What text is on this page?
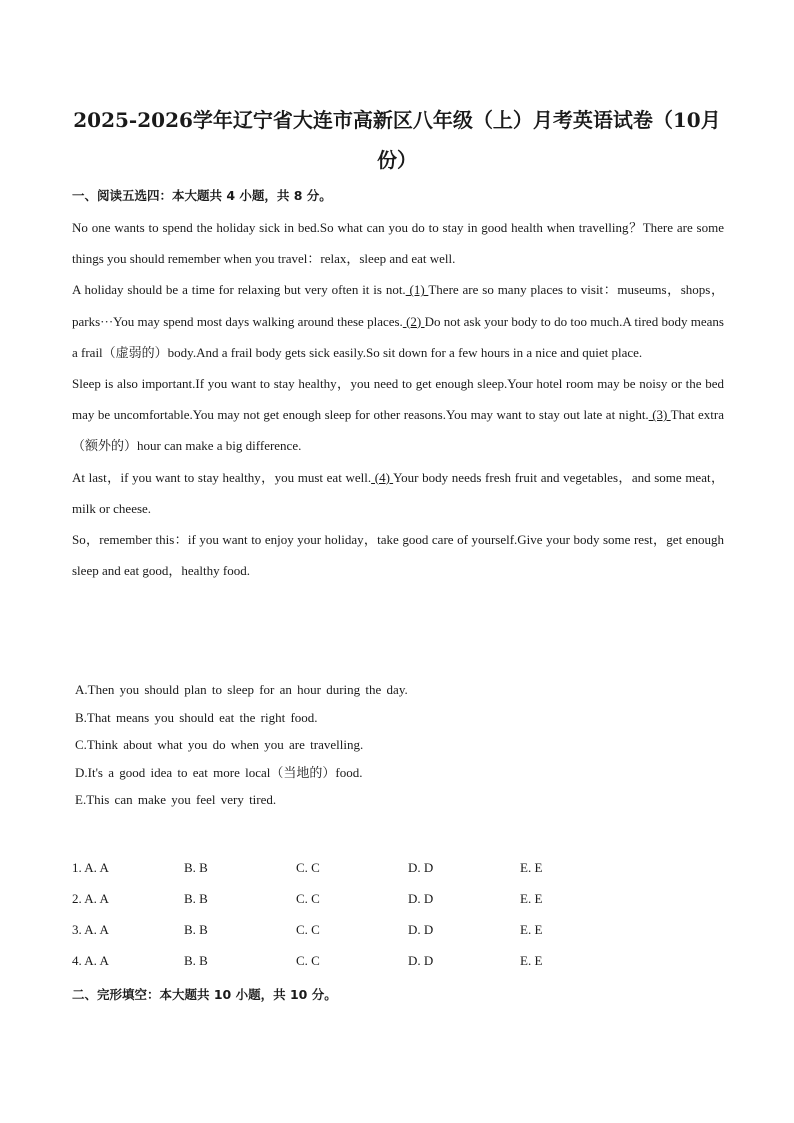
2025-2026学年辽宁省大连市高新区八年级（上）月考英语试卷（10月份）
一、阅读五选四：本大题共 4 小题，共 8 分。

No one wants to spend the holiday sick in bed.So what can you do to stay in good health when travelling？There are some things you should remember when you travel：relax，sleep and eat well.

A holiday should be a time for relaxing but very often it is not. (1) There are so many places to visit：museums，shops，parks···You may spend most days walking around these places. (2) Do not ask your body to do too much.A tired body means a frail（虚弱的）body.And a frail body gets sick easily.So sit down for a few hours in a nice and quiet place.

Sleep is also important.If you want to stay healthy，you need to get enough sleep.Your hotel room may be noisy or the bed may be uncomfortable.You may not get enough sleep for other reasons.You may want to stay out late at night. (3) That extra（额外的）hour can make a big difference.

At last，if you want to stay healthy，you must eat well. (4) Your body needs fresh fruit and vegetables，and some meat，milk or cheese.

So，remember this：if you want to enjoy your holiday，take good care of yourself.Give your body some rest，get enough sleep and eat good，healthy food.

A.Then you should plan to sleep for an hour during the day.
B.That means you should eat the right food.
C.Think about what you do when you are travelling.
D.It's a good idea to eat more local（当地的）food.
E.This can make you feel very tired.
1. A. A	B. B	C. C	D. D	E. E
2. A. A	B. B	C. C	D. D	E. E
3. A. A	B. B	C. C	D. D	E. E
4. A. A	B. B	C. C	D. D	E. E
二、完形填空：本大题共 10 小题，共 10 分。
